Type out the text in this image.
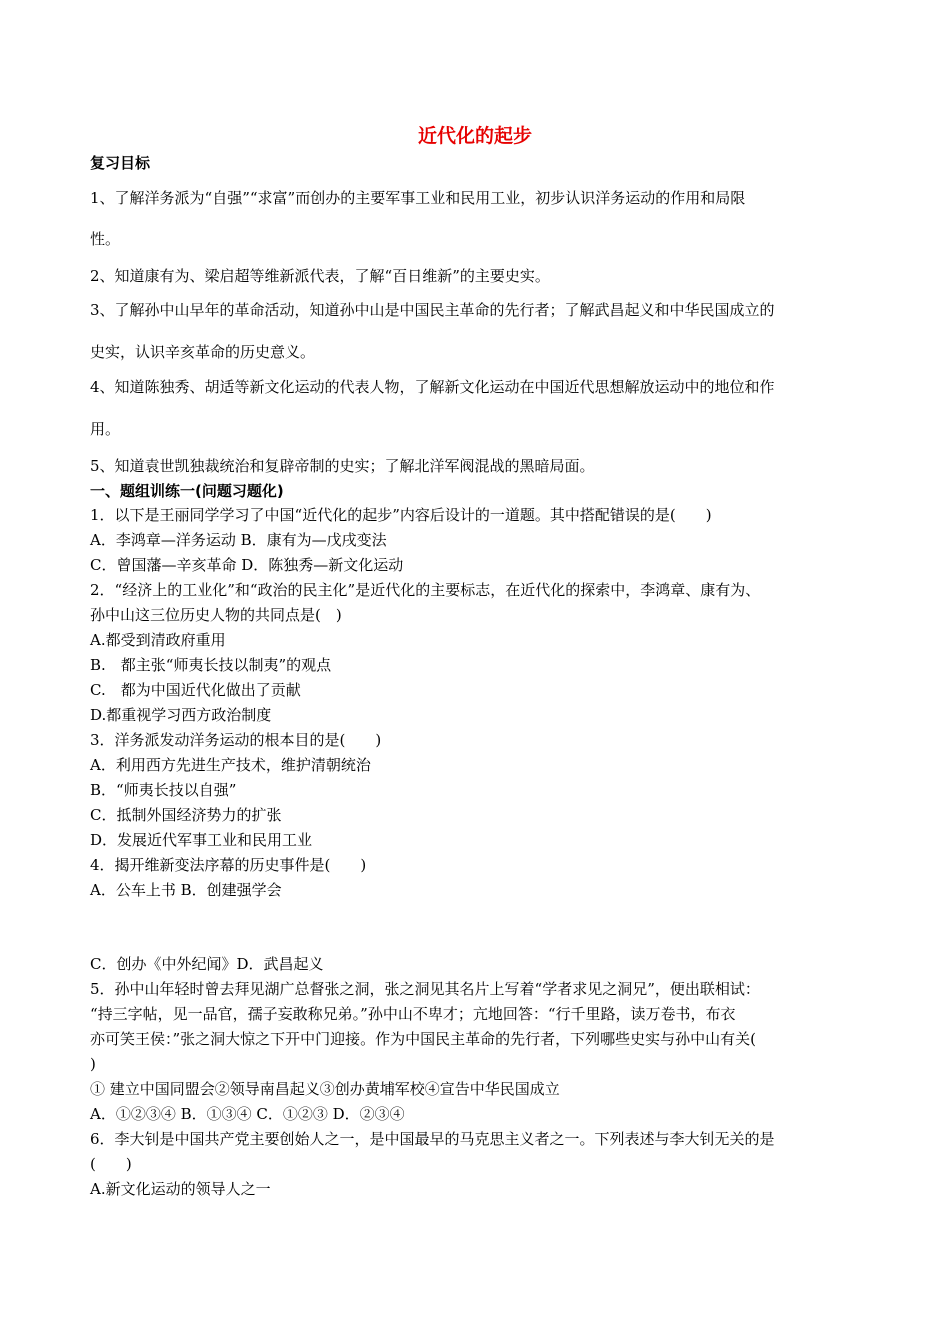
近代化的起步
复习目标
1、了解洋务派为“自强”“求富”而创办的主要军事工业和民用工业，初步认识洋务运动的作用和局限
性。
2、知道康有为、梁启超等维新派代表，了解“百日维新”的主要史实。
3、了解孙中山早年的革命活动，知道孙中山是中国民主革命的先行者；了解武昌起义和中华民国成立的
史实，认识辛亥革命的历史意义。
4、知道陈独秀、胡适等新文化运动的代表人物，了解新文化运动在中国近代思想解放运动中的地位和作
用。
5、知道袁世凯独裁统治和复辟帝制的史实；了解北洋军阀混战的黑暗局面。
一、题组训练一(问题习题化)
1．以下是王丽同学学习了中国“近代化的起步”内容后设计的一道题。其中搭配错误的是(　　)
A．李鸿章—洋务运动 B．康有为—戊戌变法
C．曾国藩—辛亥革命 D．陈独秀—新文化运动
2．“经济上的工业化”和“政治的民主化”是近代化的主要标志，在近代化的探索中，李鸿章、康有为、
孙中山这三位历史人物的共同点是(　)
A.都受到清政府重用
B.　都主张“师夷长技以制夷”的观点
C.　都为中国近代化做出了贡献
D.都重视学习西方政治制度
3．洋务派发动洋务运动的根本目的是(　　)
A．利用西方先进生产技术，维护清朝统治
B．“师夷长技以自强”
C．抵制外国经济势力的扩张
D．发展近代军事工业和民用工业
4．揭开维新变法序幕的历史事件是(　　)
A．公车上书 B．创建强学会
C．创办《中外纪闻》D．武昌起义
5．孙中山年轻时曾去拜见湖广总督张之洞，张之洞见其名片上写着“学者求见之洞兄”，便出联相试：
“持三字帖，见一品官，孺子妄敢称兄弟。”孙中山不卑才；亢地回答：“行千里路，读万卷书，布衣
亦可笑王侯：”张之洞大惊之下开中门迎接。作为中国民主革命的先行者，下列哪些史实与孙中山有关(
)
① 建立中国同盟会②领导南昌起义③创办黄埔军校④宣告中华民国成立
A．①②③④ B．①③④ C．①②③ D．②③④
6．李大钊是中国共产党主要创始人之一，是中国最早的马克思主义者之一。下列表述与李大钊无关的是
(　　)
A.新文化运动的领导人之一
